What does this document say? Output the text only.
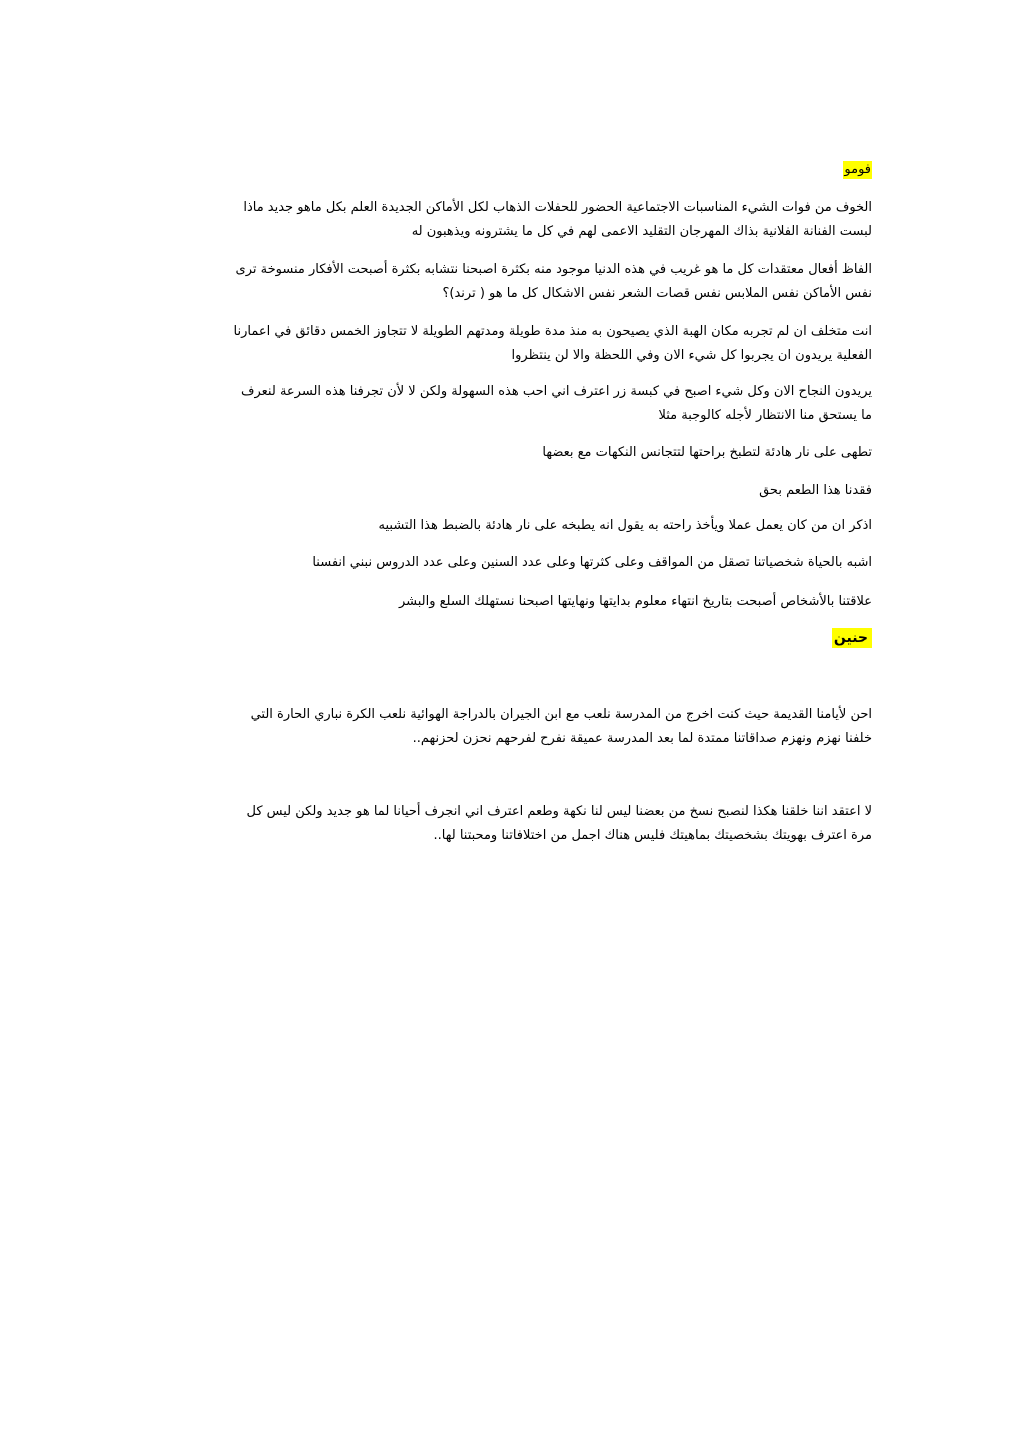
فومو
الخوف من فوات الشيء المناسبات الاجتماعية الحضور للحفلات الذهاب لكل الأماكن الجديدة العلم بكل ماهو جديد ماذا
لبست الفنانة الفلانية بذاك المهرجان التقليد الاعمى لهم في كل ما يشترونه ويذهبون له
الفاظ أفعال معتقدات كل ما هو غريب في هذه الدنيا موجود منه بكثرة اصبحنا نتشابه بكثرة أصبحت الأفكار منسوخة ترى
نفس الأماكن نفس الملابس نفس قصات الشعر نفس الاشكال كل ما هو ( ترند)؟
انت متخلف ان لم تجربه مكان الهبة الذي يصيحون به منذ مدة طويلة ومدتهم الطويلة لا تتجاوز الخمس دقائق في اعمارنا
الفعلية يريدون ان يجربوا كل شيء الان وفي اللحظة والا لن ينتظروا
يريدون النجاح الان وكل شيء اصبح في كبسة زر اعترف اني احب هذه السهولة ولكن لا لأن تجرفنا هذه السرعة لنعرف
ما يستحق منا الانتظار لأجله كالوجبة مثلا
تطهى على نار هادئة لتطبخ براحتها لتتجانس النكهات مع بعضها
فقدنا هذا الطعم بحق
اذكر ان من كان يعمل عملا ويأخذ راحته به يقول انه يطبخه على نار هادئة بالضبط هذا التشبيه
اشبه بالحياة شخصياتنا تصقل من المواقف وعلى كثرتها وعلى عدد السنين وعلى عدد الدروس نبني انفسنا
علاقتنا بالأشخاص أصبحت بتاريخ انتهاء معلوم بدايتها ونهايتها اصبحنا نستهلك السلع والبشر
حنين
احن لأيامنا القديمة حيث كنت اخرج من المدرسة نلعب مع ابن الجيران بالدراجة الهوائية نلعب الكرة نباري الحارة التي
خلفنا نهزم ونهزم صداقاتنا ممتدة لما بعد المدرسة عميقة نفرح لفرحهم نحزن لحزنهم..
لا اعتقد اننا خلقنا هكذا لنصبح نسخ من بعضنا ليس لنا نكهة وطعم اعترف اني انجرف أحيانا لما هو جديد ولكن ليس كل
مرة اعترف بهويتك بشخصيتك بماهيتك فليس هناك اجمل من اختلافاتنا ومحبتنا لها..
